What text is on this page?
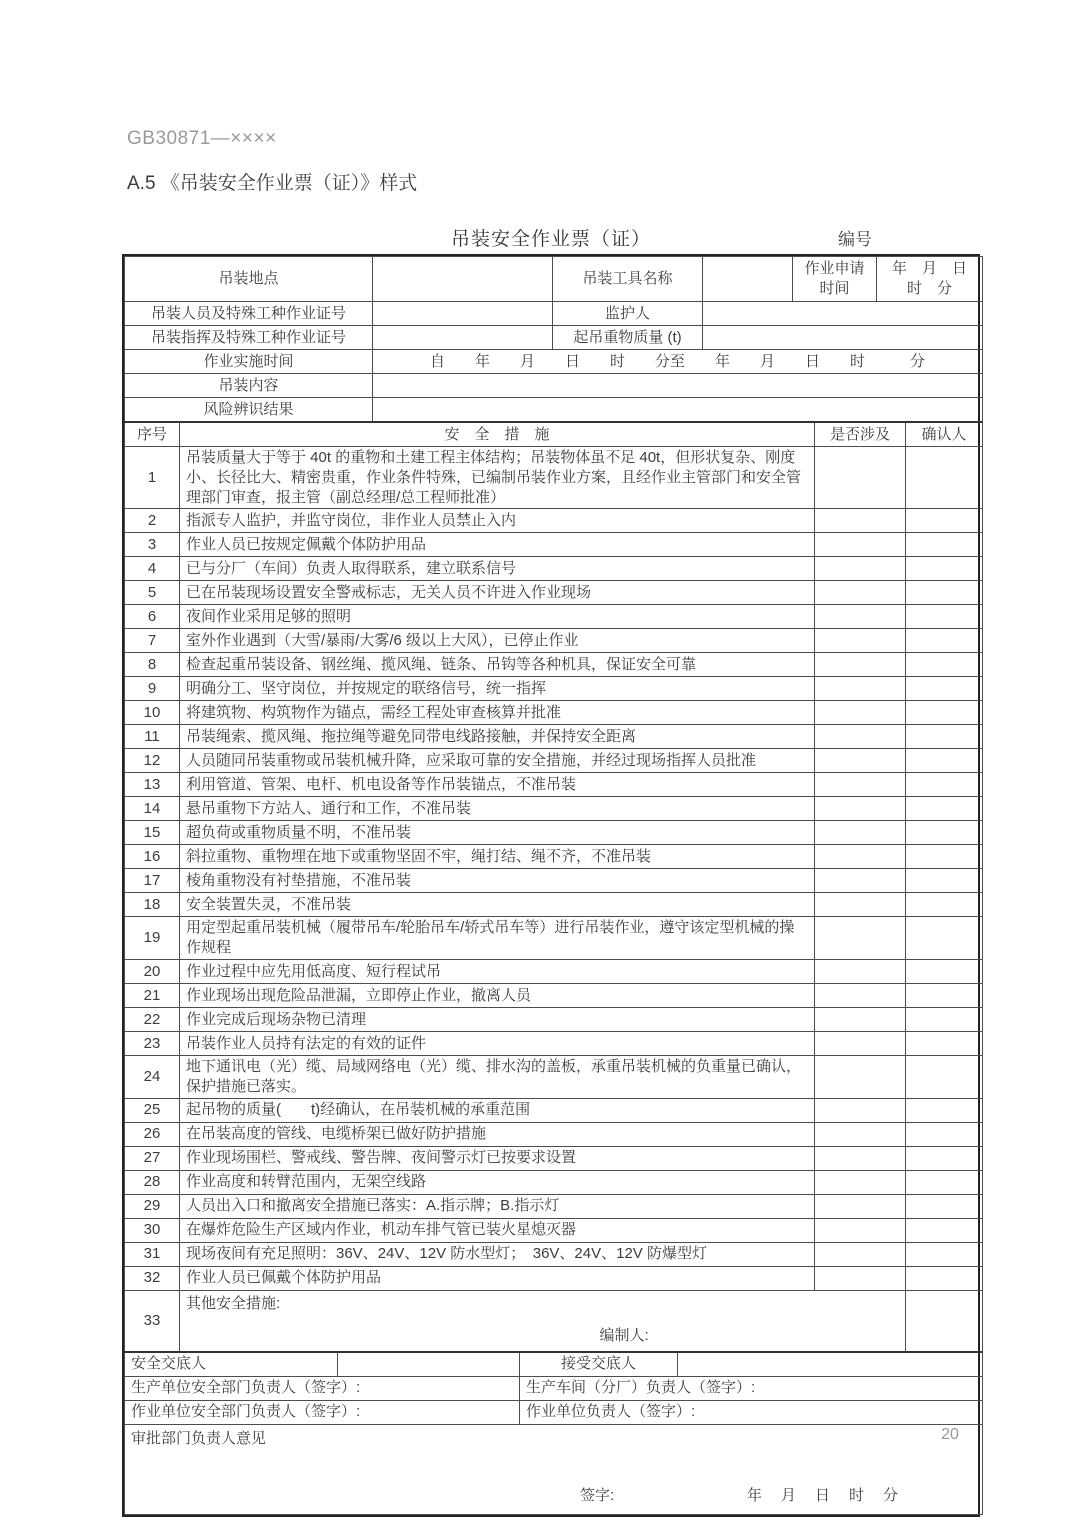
GB30871—××××
A.5 《吊装安全作业票（证）》样式
吊装安全作业票（证）	编号
吊装地点		吊装工具名称		作业申请时间	年　月　日
时　分

吊装人员及特殊工种作业证号		监护人			
吊装指挥及特殊工种作业证号		起吊重物质量 (t)			
作业实施时间	自　　年　　月　　日　　时　　分至　　年　　月　　日　　时　　　分				
吊装内容					
风险辨识结果					
序号	安　全　措　施	是否涉及	确认人
1	吊装质量大于等于 40t 的重物和土建工程主体结构；吊装物体虽不足 40t，但形状复杂、刚度小、长径比大、精密贵重，作业条件特殊，已编制吊装作业方案，且经作业主管部门和安全管理部门审查，报主管（副总经理/总工程师批准）		
2	指派专人监护，并监守岗位，非作业人员禁止入内		
3	作业人员已按规定佩戴个体防护用品		
4	已与分厂（车间）负责人取得联系，建立联系信号		
5	已在吊装现场设置安全警戒标志，无关人员不许进入作业现场		
6	夜间作业采用足够的照明		
7	室外作业遇到（大雪/暴雨/大雾/6 级以上大风），已停止作业		
8	检查起重吊装设备、钢丝绳、揽风绳、链条、吊钩等各种机具，保证安全可靠		
9	明确分工、坚守岗位，并按规定的联络信号，统一指挥		
10	将建筑物、构筑物作为锚点，需经工程处审查核算并批准		
11	吊装绳索、揽风绳、拖拉绳等避免同带电线路接触，并保持安全距离		
12	人员随同吊装重物或吊装机械升降，应采取可靠的安全措施，并经过现场指挥人员批准		
13	利用管道、管架、电杆、机电设备等作吊装锚点，不准吊装		
14	悬吊重物下方站人、通行和工作，不准吊装		
15	超负荷或重物质量不明，不准吊装		
16	斜拉重物、重物埋在地下或重物坚固不牢，绳打结、绳不齐，不准吊装		
17	棱角重物没有衬垫措施，不准吊装		
18	安全装置失灵，不准吊装		
19	用定型起重吊装机械（履带吊车/轮胎吊车/轿式吊车等）进行吊装作业，遵守该定型机械的操作规程		
20	作业过程中应先用低高度、短行程试吊		
21	作业现场出现危险品泄漏，立即停止作业，撤离人员		
22	作业完成后现场杂物已清理		
23	吊装作业人员持有法定的有效的证件		
24	地下通讯电（光）缆、局域网络电（光）缆、排水沟的盖板，承重吊装机械的负重量已确认，保护措施已落实。		
25	起吊物的质量(　　t)经确认，在吊装机械的承重范围		
26	在吊装高度的管线、电缆桥架已做好防护措施		
27	作业现场围栏、警戒线、警告牌、夜间警示灯已按要求设置		
28	作业高度和转臂范围内，无架空线路		
29	人员出入口和撤离安全措施已落实：A.指示牌；B.指示灯		
30	在爆炸危险生产区域内作业，机动车排气管已装火星熄灭器		
31	现场夜间有充足照明：36V、24V、12V 防水型灯；　36V、24V、12V 防爆型灯		
32	作业人员已佩戴个体防护用品		
33	其他安全措施:
编制人:		

安全交底人		接受交底人	
生产单位安全部门负责人（签字）:		生产车间（分厂）负责人（签字）:	
作业单位安全部门负责人（签字）:		作业单位负责人（签字）:	

审批部门负责人意见
签字: 年　月　日　时　分			
20
